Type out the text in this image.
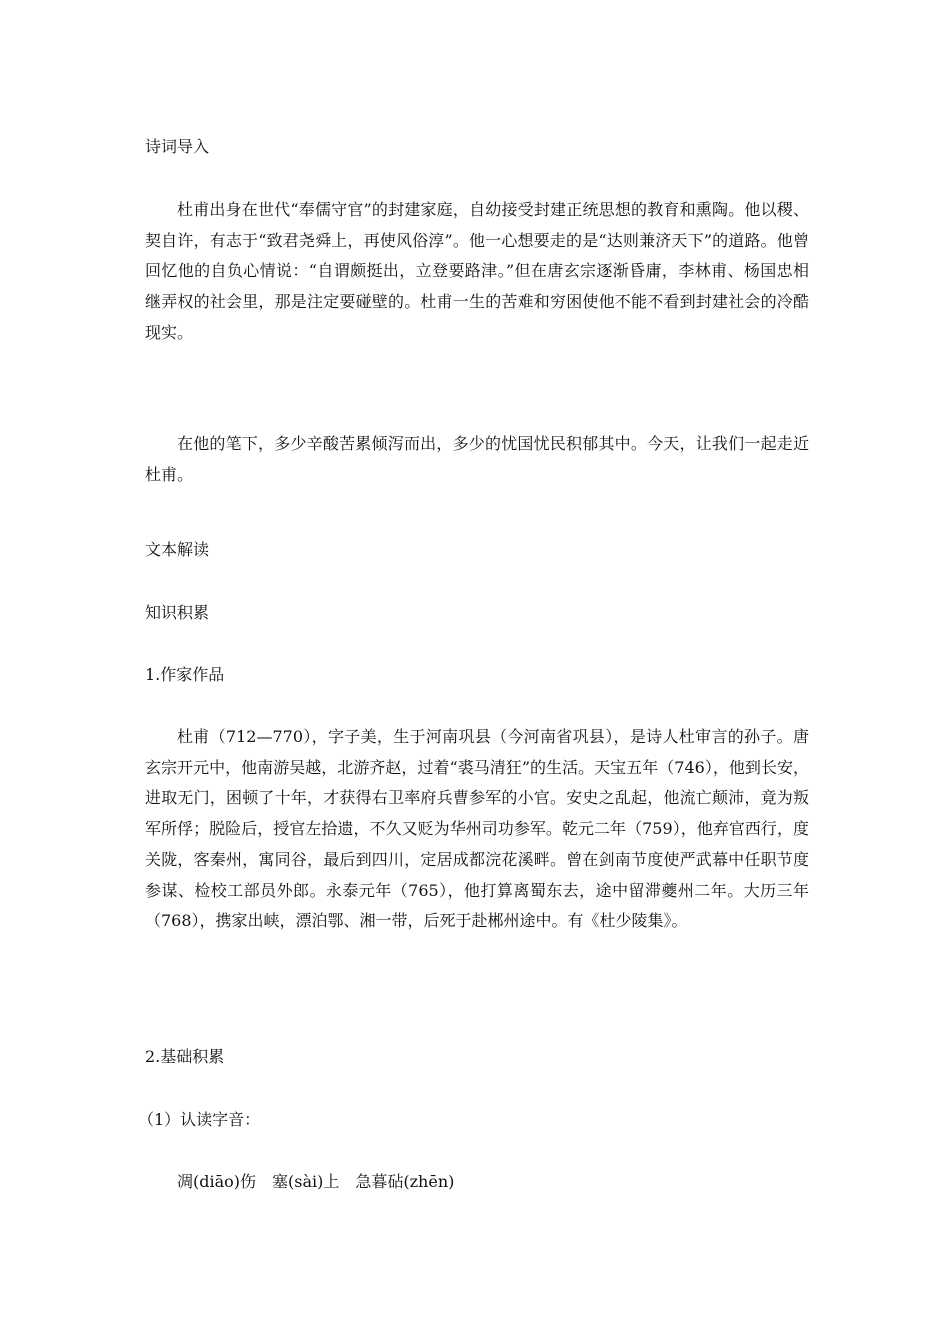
诗词导入
杜甫出身在世代“奉儒守官”的封建家庭，自幼接受封建正统思想的教育和熏陶。他以稷、契自许，有志于“致君尧舜上，再使风俗淳”。他一心想要走的是“达则兼济天下”的道路。他曾回忆他的自负心情说：“自谓颇挺出，立登要路津。”但在唐玄宗逐渐昏庸，李林甫、杨国忠相继弄权的社会里，那是注定要碰壁的。杜甫一生的苦难和穷困使他不能不看到封建社会的冷酷现实。
在他的笔下，多少辛酸苦累倾泻而出，多少的忧国忧民积郁其中。今天，让我们一起走近杜甫。
文本解读
知识积累
1.作家作品
杜甫（712—770），字子美，生于河南巩县（今河南省巩县），是诗人杜审言的孙子。唐玄宗开元中，他南游吴越，北游齐赵，过着“裘马清狂”的生活。天宝五年（746），他到长安，进取无门，困顿了十年，才获得右卫率府兵曹参军的小官。安史之乱起，他流亡颠沛，竟为叛军所俘；脱险后，授官左拾遗，不久又贬为华州司功参军。乾元二年（759），他弃官西行，度关陇，客秦州，寓同谷，最后到四川，定居成都浣花溪畔。曾在剑南节度使严武幕中任职节度参谋、检校工部员外郎。永泰元年（765），他打算离蜀东去，途中留滞夔州二年。大历三年（768），携家出峡，漂泊鄂、湘一带，后死于赴郴州途中。有《杜少陵集》。
2.基础积累
（1）认读字音：
凋(diāo)伤　塞(sài)上　急暮砧(zhēn)
